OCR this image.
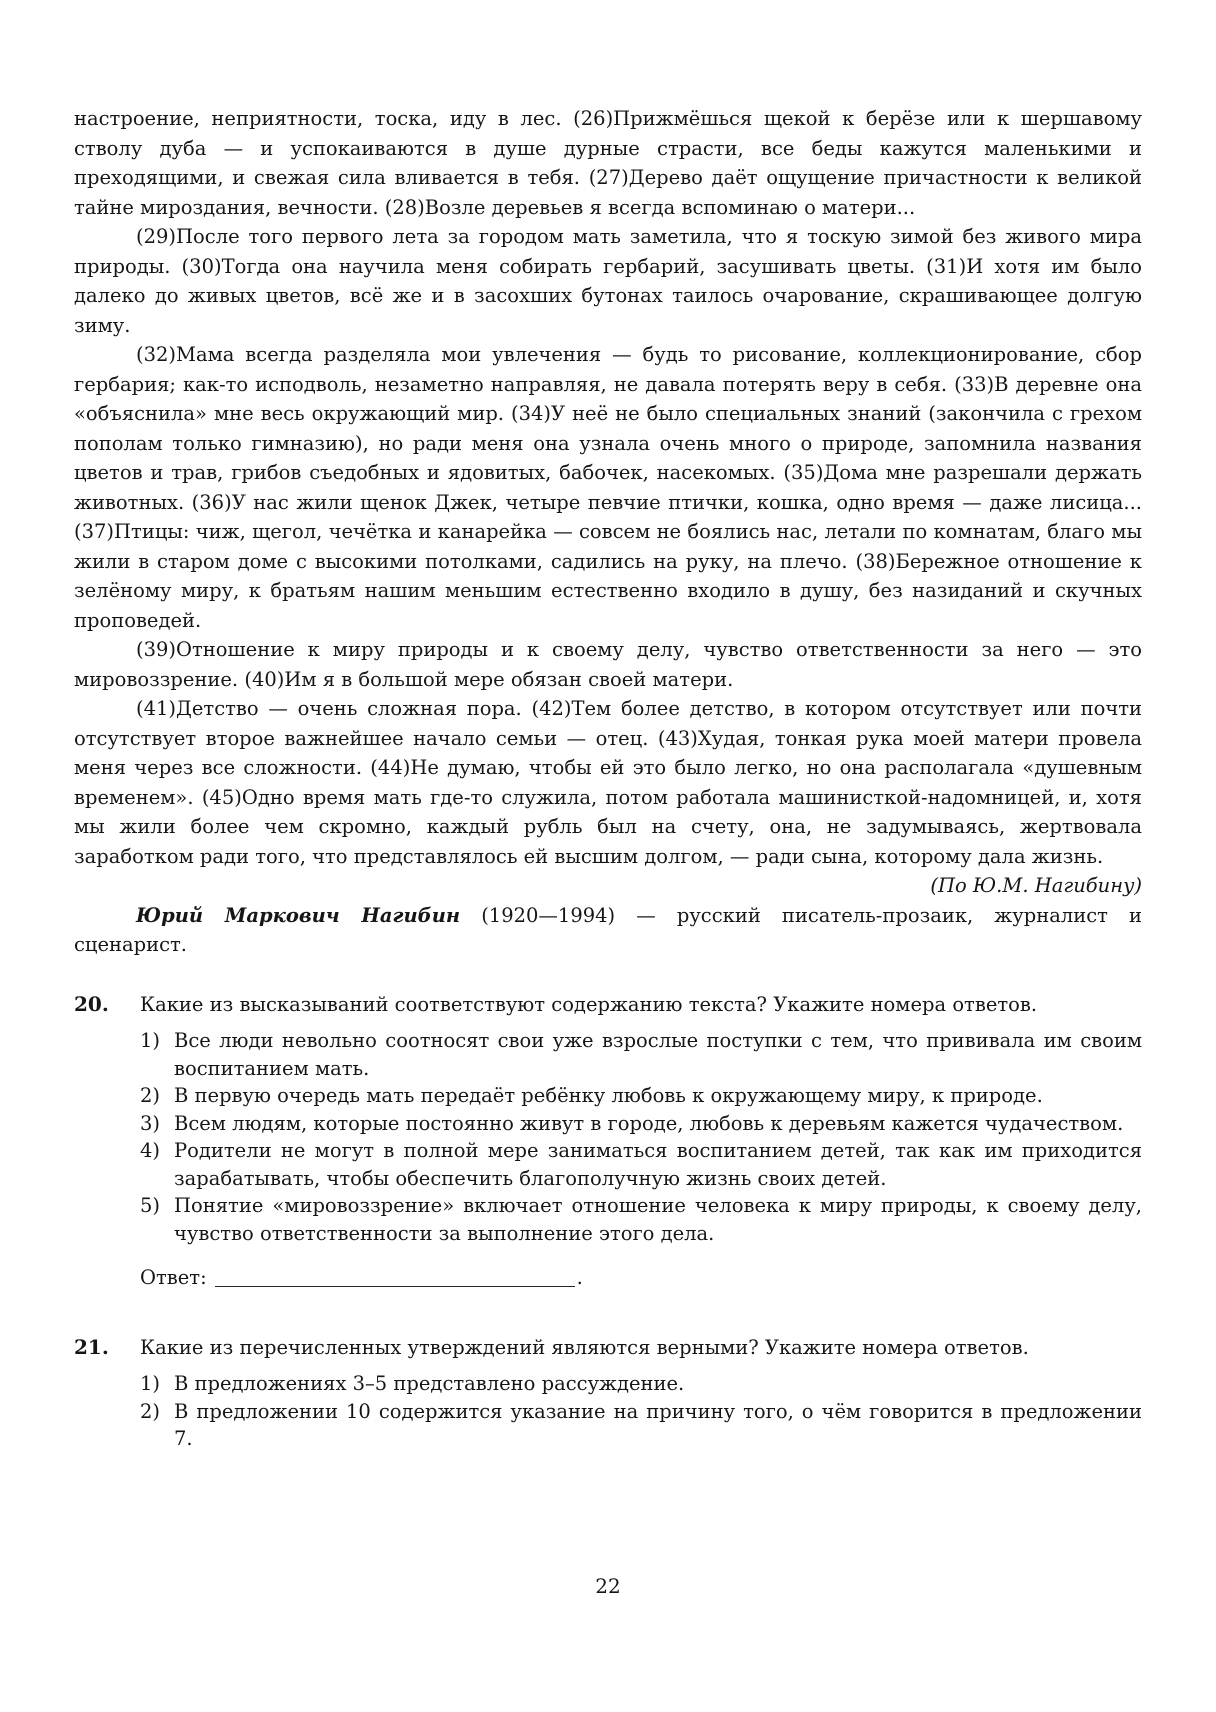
настроение, неприятности, тоска, иду в лес. (26)Прижмёшься щекой к берёзе или к шершавому стволу дуба — и успокаиваются в душе дурные страсти, все беды кажутся маленькими и преходящими, и свежая сила вливается в тебя. (27)Дерево даёт ощущение причастности к великой тайне мироздания, вечности. (28)Возле деревьев я всегда вспоминаю о матери...

(29)После того первого лета за городом мать заметила, что я тоскую зимой без живого мира природы. (30)Тогда она научила меня собирать гербарий, засушивать цветы. (31)И хотя им было далеко до живых цветов, всё же и в засохших бутонах таилось очарование, скрашивающее долгую зиму.

(32)Мама всегда разделяла мои увлечения — будь то рисование, коллекционирование, сбор гербария; как-то исподволь, незаметно направляя, не давала потерять веру в себя. (33)В деревне она «объяснила» мне весь окружающий мир. (34)У неё не было специальных знаний (закончила с грехом пополам только гимназию), но ради меня она узнала очень много о природе, запомнила названия цветов и трав, грибов съедобных и ядовитых, бабочек, насекомых. (35)Дома мне разрешали держать животных. (36)У нас жили щенок Джек, четыре певчие птички, кошка, одно время — даже лисица... (37)Птицы: чиж, щегол, чечётка и канарейка — совсем не боялись нас, летали по комнатам, благо мы жили в старом доме с высокими потолками, садились на руку, на плечо. (38)Бережное отношение к зелёному миру, к братьям нашим меньшим естественно входило в душу, без назиданий и скучных проповедей.

(39)Отношение к миру природы и к своему делу, чувство ответственности за него — это мировоззрение. (40)Им я в большой мере обязан своей матери.

(41)Детство — очень сложная пора. (42)Тем более детство, в котором отсутствует или почти отсутствует второе важнейшее начало семьи — отец. (43)Худая, тонкая рука моей матери провела меня через все сложности. (44)Не думаю, чтобы ей это было легко, но она располагала «душевным временем». (45)Одно время мать где-то служила, потом работала машинисткой-надомницей, и, хотя мы жили более чем скромно, каждый рубль был на счету, она, не задумываясь, жертвовала заработком ради того, что представлялось ей высшим долгом, — ради сына, которому дала жизнь.

(По Ю.М. Нагибину)

Юрий Маркович Нагибин (1920—1994) — русский писатель-прозаик, журналист и сценарист.

20. Какие из высказываний соответствуют содержанию текста? Укажите номера ответов.

1) Все люди невольно соотносят свои уже взрослые поступки с тем, что прививала им своим воспитанием мать.
2) В первую очередь мать передаёт ребёнку любовь к окружающему миру, к природе.
3) Всем людям, которые постоянно живут в городе, любовь к деревьям кажется чудачеством.
4) Родители не могут в полной мере заниматься воспитанием детей, так как им приходится зарабатывать, чтобы обеспечить благополучную жизнь своих детей.
5) Понятие «мировоззрение» включает отношение человека к миру природы, к своему делу, чувство ответственности за выполнение этого дела.
Ответ:	.
21. Какие из перечисленных утверждений являются верными? Укажите номера ответов.

1) В предложениях 3–5 представлено рассуждение.
2) В предложении 10 содержится указание на причину того, о чём говорится в предложении 7.
22
